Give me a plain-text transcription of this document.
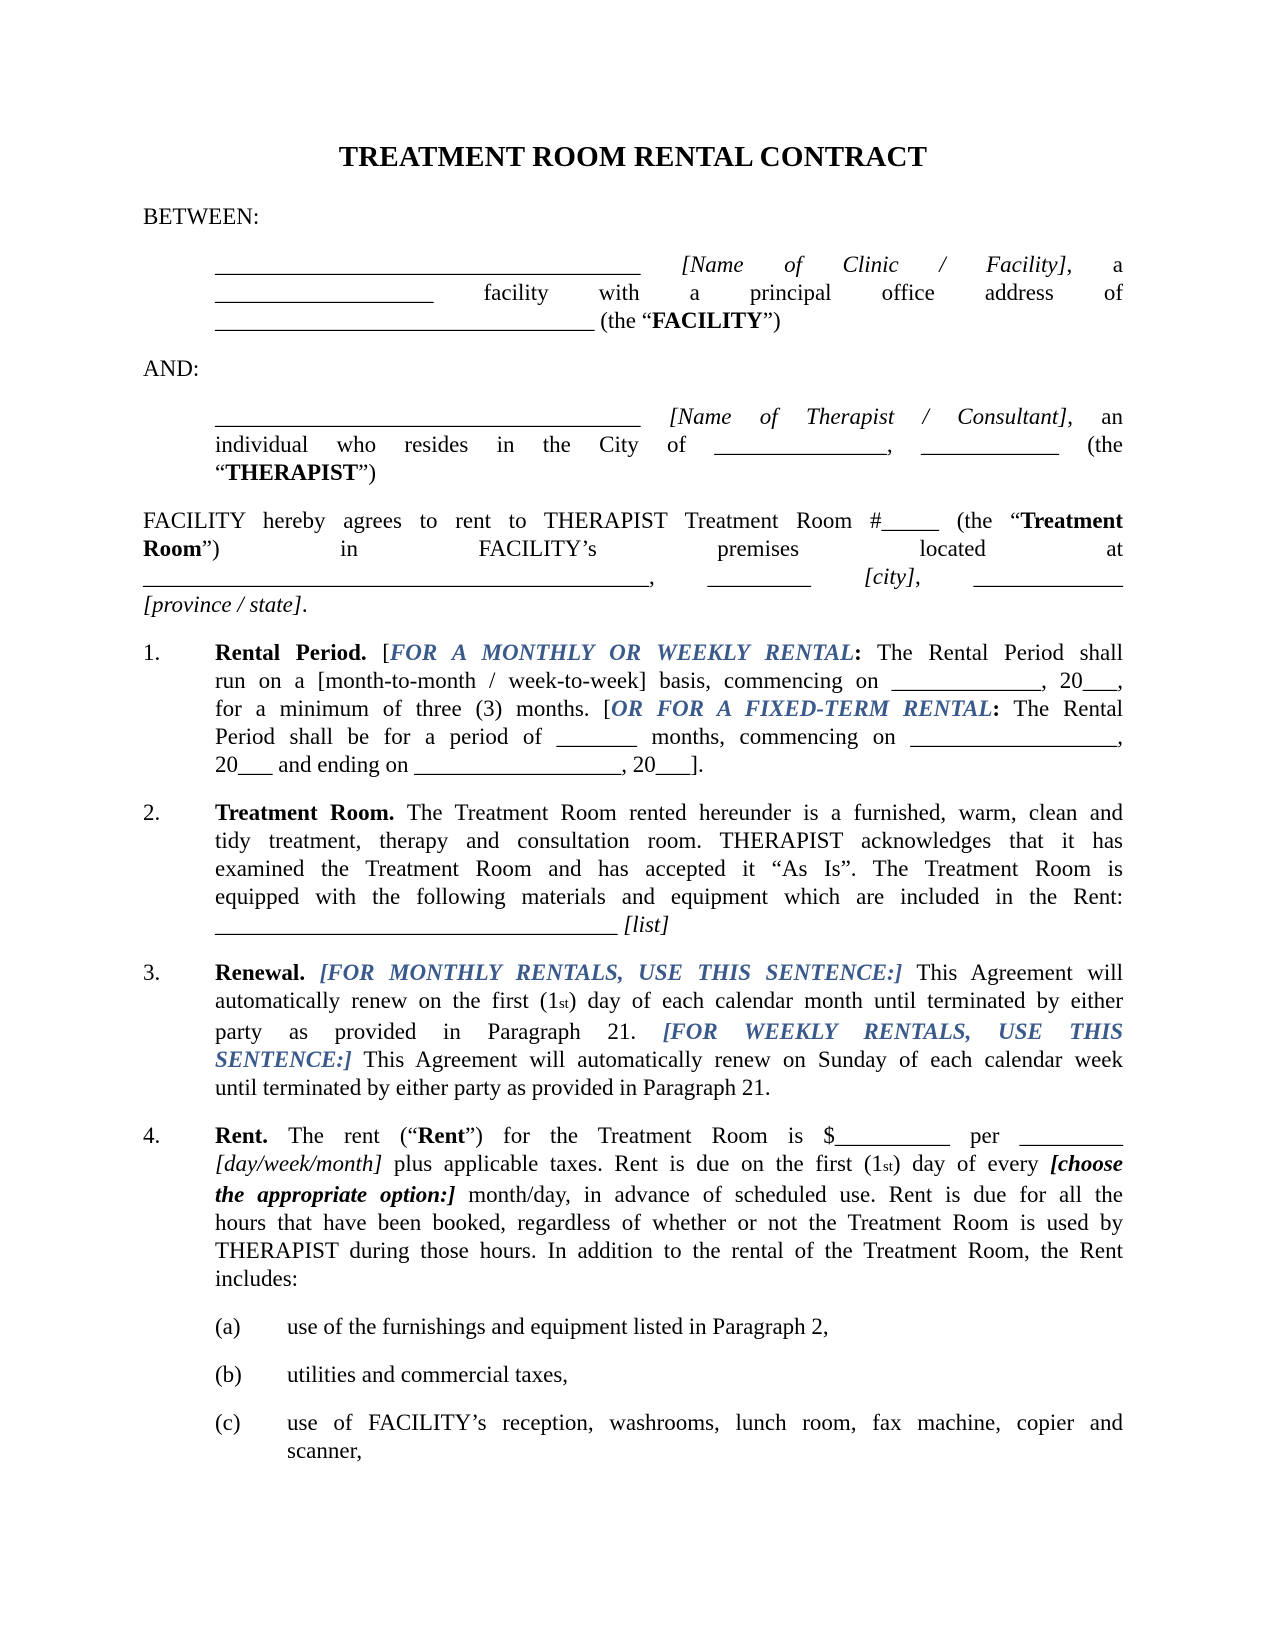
TREATMENT ROOM RENTAL CONTRACT
BETWEEN:
_____________________________________ [Name of Clinic / Facility], a
___________________ facility with a principal office address of
_________________________________ (the “FACILITY”)
AND:
_____________________________________ [Name of Therapist / Consultant], an
individual who resides in the City of _______________, ____________ (the
“THERAPIST”)
FACILITY hereby agrees to rent to THERAPIST Treatment Room #_____ (the “Treatment
Room”) in FACILITY’s premises located at
____________________________________________, _________ [city], _____________
[province / state].
1. Rental Period. [FOR A MONTHLY OR WEEKLY RENTAL: The Rental Period shall
run on a [month-to-month / week-to-week] basis, commencing on _____________, 20___,
for a minimum of three (3) months. [OR FOR A FIXED-TERM RENTAL: The Rental
Period shall be for a period of _______ months, commencing on __________________,
20___ and ending on __________________, 20___].
2. Treatment Room. The Treatment Room rented hereunder is a furnished, warm, clean and
tidy treatment, therapy and consultation room. THERAPIST acknowledges that it has
examined the Treatment Room and has accepted it “As Is”. The Treatment Room is
equipped with the following materials and equipment which are included in the Rent:
___________________________________ [list]
3. Renewal. [FOR MONTHLY RENTALS, USE THIS SENTENCE:] This Agreement will
automatically renew on the first (1st) day of each calendar month until terminated by either
party as provided in Paragraph 21. [FOR WEEKLY RENTALS, USE THIS
SENTENCE:] This Agreement will automatically renew on Sunday of each calendar week
until terminated by either party as provided in Paragraph 21.
4. Rent. The rent (“Rent”) for the Treatment Room is $__________ per _________
[day/week/month] plus applicable taxes. Rent is due on the first (1st) day of every [choose
the appropriate option:] month/day, in advance of scheduled use. Rent is due for all the
hours that have been booked, regardless of whether or not the Treatment Room is used by
THERAPIST during those hours. In addition to the rental of the Treatment Room, the Rent
includes:
(a) use of the furnishings and equipment listed in Paragraph 2,
(b) utilities and commercial taxes,
(c) use of FACILITY’s reception, washrooms, lunch room, fax machine, copier and
scanner,
